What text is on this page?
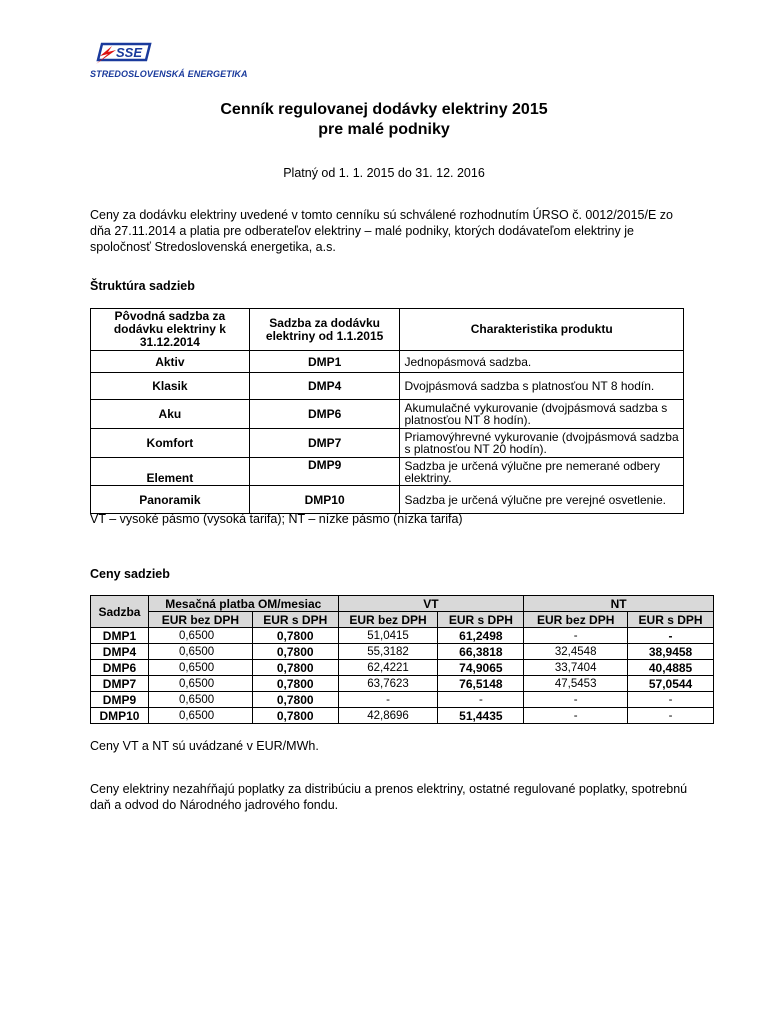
SSE
STREDOSLOVENSKÁ ENERGETIKA
Cenník regulovanej dodávky elektriny 2015
pre malé podniky
Platný od 1. 1. 2015 do 31. 12. 2016
Ceny za dodávku elektriny uvedené v tomto cenníku sú schválené rozhodnutím ÚRSO č. 0012/2015/E zo dňa 27.11.2014 a platia pre odberateľov elektriny – malé podniky, ktorých dodávateľom elektriny je spoločnosť Stredoslovenská energetika, a.s.
Štruktúra sadzieb
Pôvodná sadzba za dodávku elektriny k 31.12.2014	Sadzba za dodávku elektriny od 1.1.2015	Charakteristika produktu
Aktiv	DMP1	Jednopásmová sadzba.
Klasik	DMP4	Dvojpásmová sadzba s platnosťou NT 8 hodín.
Aku	DMP6	Akumulačné vykurovanie (dvojpásmová sadzba s platnosťou NT 8 hodín).
Komfort	DMP7	Priamovýhrevné vykurovanie (dvojpásmová sadzba s platnosťou NT 20 hodín).
Element	DMP9	Sadzba je určená výlučne pre nemerané odbery elektriny.
Panoramik	DMP10	Sadzba je určená výlučne pre verejné osvetlenie.
VT – vysoké pásmo (vysoká tarifa); NT – nízke pásmo (nízka tarifa)
Ceny sadzieb
Sadzba	Mesačná platba OM/mesiac		VT		NT	
	EUR bez DPH	EUR s DPH	EUR bez DPH	EUR s DPH	EUR bez DPH	EUR s DPH
DMP1	0,6500	0,7800	51,0415	61,2498	-	-
DMP4	0,6500	0,7800	55,3182	66,3818	32,4548	38,9458
DMP6	0,6500	0,7800	62,4221	74,9065	33,7404	40,4885
DMP7	0,6500	0,7800	63,7623	76,5148	47,5453	57,0544
DMP9	0,6500	0,7800	-	-	-	-
DMP10	0,6500	0,7800	42,8696	51,4435	-	-
Ceny VT a NT sú uvádzané v EUR/MWh.
Ceny elektriny nezahŕňajú poplatky za distribúciu a prenos elektriny, ostatné regulované poplatky, spotrebnú daň a odvod do Národného jadrového fondu.
